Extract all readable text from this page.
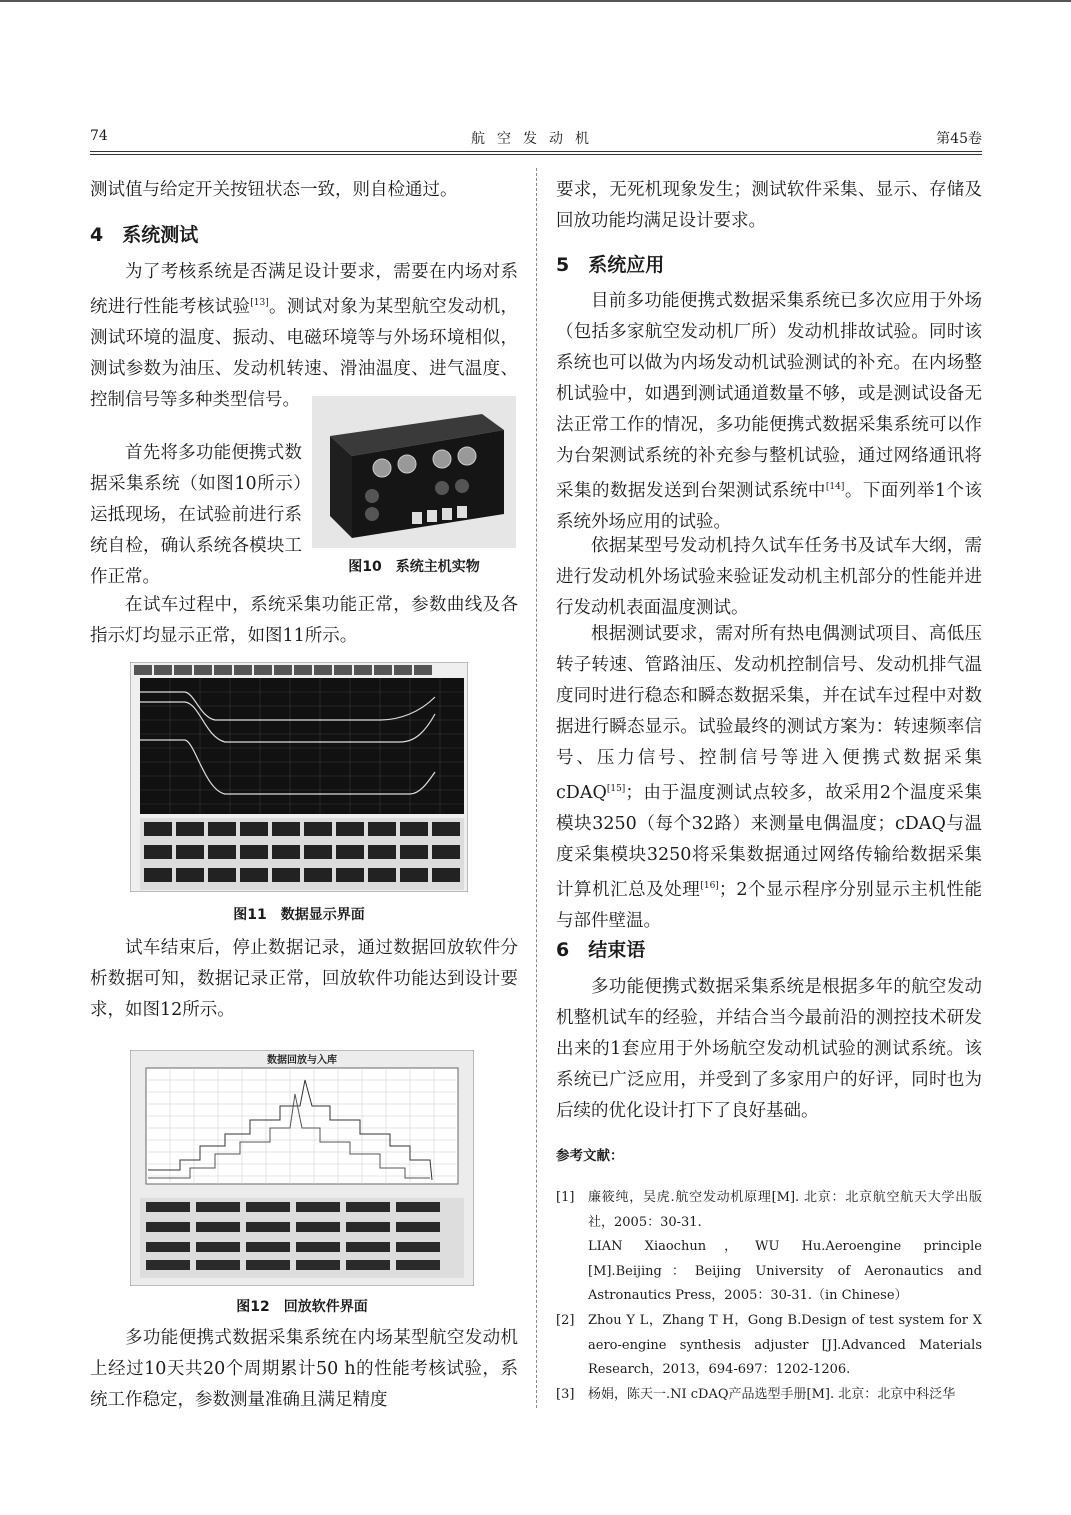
74	航空发动机	第45卷

测试值与给定开关按钮状态一致，则自检通过。

4　系统测试

为了考核系统是否满足设计要求，需要在内场对系统进行性能考核试验[13]。测试对象为某型航空发动机，测试环境的温度、振动、电磁环境等与外场环境相似，测试参数为油压、发动机转速、滑油温度、进气温度、控制信号等多种类型信号。

图10　系统主机实物

首先将多功能便携式数据采集系统（如图10所示）运抵现场，在试验前进行系统自检，确认系统各模块工作正常。

在试车过程中，系统采集功能正常，参数曲线及各指示灯均显示正常，如图11所示。

图11　数据显示界面

试车结束后，停止数据记录，通过数据回放软件分析数据可知，数据记录正常，回放软件功能达到设计要求，如图12所示。

数据回放与入库
图12　回放软件界面

多功能便携式数据采集系统在内场某型航空发动机上经过10天共20个周期累计50 h的性能考核试验，系统工作稳定，参数测量准确且满足精度

要求，无死机现象发生；测试软件采集、显示、存储及回放功能均满足设计要求。

5　系统应用

目前多功能便携式数据采集系统已多次应用于外场（包括多家航空发动机厂所）发动机排故试验。同时该系统也可以做为内场发动机试验测试的补充。在内场整机试验中，如遇到测试通道数量不够，或是测试设备无法正常工作的情况，多功能便携式数据采集系统可以作为台架测试系统的补充参与整机试验，通过网络通讯将采集的数据发送到台架测试系统中[14]。下面列举1个该系统外场应用的试验。

依据某型号发动机持久试车任务书及试车大纲，需进行发动机外场试验来验证发动机主机部分的性能并进行发动机表面温度测试。

根据测试要求，需对所有热电偶测试项目、高低压转子转速、管路油压、发动机控制信号、发动机排气温度同时进行稳态和瞬态数据采集，并在试车过程中对数据进行瞬态显示。试验最终的测试方案为：转速频率信号、压力信号、控制信号等进入便携式数据采集cDAQ[15]；由于温度测试点较多，故采用2个温度采集模块3250（每个32路）来测量电偶温度；cDAQ与温度采集模块3250将采集数据通过网络传输给数据采集计算机汇总及处理[16]；2个显示程序分别显示主机性能与部件壁温。

6　结束语

多功能便携式数据采集系统是根据多年的航空发动机整机试车的经验，并结合当今最前沿的测控技术研发出来的1套应用于外场航空发动机试验的测试系统。该系统已广泛应用，并受到了多家用户的好评，同时也为后续的优化设计打下了良好基础。

参考文献：
[1] 廉筱纯，吴虎.航空发动机原理[M]. 北京：北京航空航天大学出版社，2005：30-31.
LIAN Xiaochun，WU Hu.Aeroengine principle [M].Beijing：Beijing University of Aeronautics and Astronautics Press，2005：30-31.（in Chinese）
[2] Zhou Y L，Zhang T H，Gong B.Design of test system for X aero-engine synthesis adjuster [J].Advanced Materials Research，2013，694-697：1202-1206.
[3] 杨娟，陈天一.NI cDAQ产品选型手册[M]. 北京：北京中科泛华
